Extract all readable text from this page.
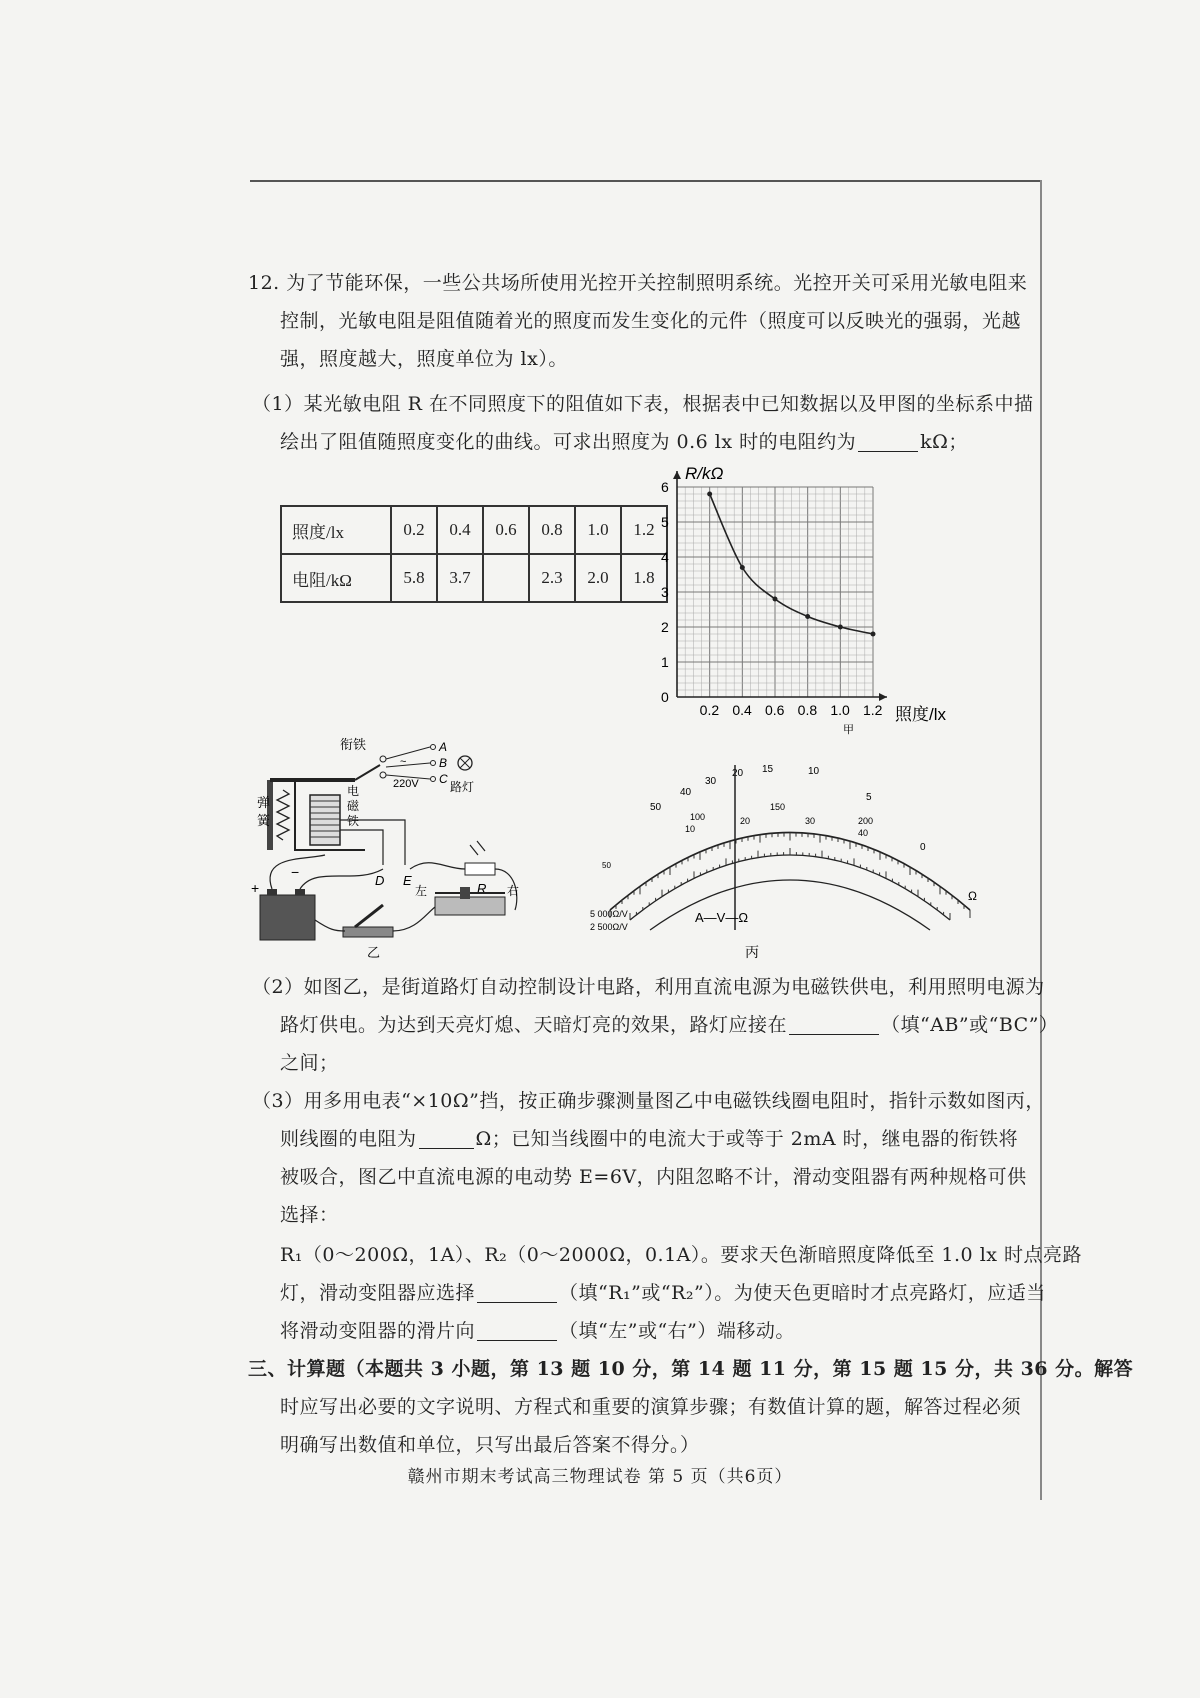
12. 为了节能环保，一些公共场所使用光控开关控制照明系统。光控开关可采用光敏电阻来
控制，光敏电阻是阻值随着光的照度而发生变化的元件（照度可以反映光的强弱，光越
强，照度越大，照度单位为 lx）。
（1）某光敏电阻 R 在不同照度下的阻值如下表，根据表中已知数据以及甲图的坐标系中描
绘出了阻值随照度变化的曲线。可求出照度为 0.6 lx 时的电阻约为	kΩ；
照度/lx	0.2	0.4	0.6	0.8	1.0	1.2
电阻/kΩ	5.8	3.7		2.3	2.0	1.8
0.2 0.4 0.6 0.8 1.0 1.2
0
1
2
3
4
5
6
R/kΩ
照度/lx
甲
A
B
C
~
220V	路灯
衔铁
弹
簧
电
磁
铁
D E
R
+
−
左	右
乙
50
40
30
20 15	10
5
0
Ω
100
150
200
10
20	30
40
50
5 000Ω/V
2 500Ω/V
A—V—Ω
丙
（2）如图乙，是街道路灯自动控制设计电路，利用直流电源为电磁铁供电，利用照明电源为
路灯供电。为达到天亮灯熄、天暗灯亮的效果，路灯应接在	（填“AB”或“BC”）
之间；
（3）用多用电表“×10Ω”挡，按正确步骤测量图乙中电磁铁线圈电阻时，指针示数如图丙，
则线圈的电阻为	Ω；已知当线圈中的电流大于或等于 2mA 时，继电器的衔铁将
被吸合，图乙中直流电源的电动势 E=6V，内阻忽略不计，滑动变阻器有两种规格可供
选择：
R₁（0～200Ω，1A）、R₂（0～2000Ω，0.1A）。要求天色渐暗照度降低至 1.0 lx 时点亮路
灯，滑动变阻器应选择	（填“R₁”或“R₂”）。为使天色更暗时才点亮路灯，应适当
将滑动变阻器的滑片向	（填“左”或“右”）端移动。
三、计算题（本题共 3 小题，第 13 题 10 分，第 14 题 11 分，第 15 题 15 分，共 36 分。解答
时应写出必要的文字说明、方程式和重要的演算步骤；有数值计算的题，解答过程必须
赣州市期末考试高三物理试卷 第 5 页（共6页）
明确写出数值和单位，只写出最后答案不得分。）
